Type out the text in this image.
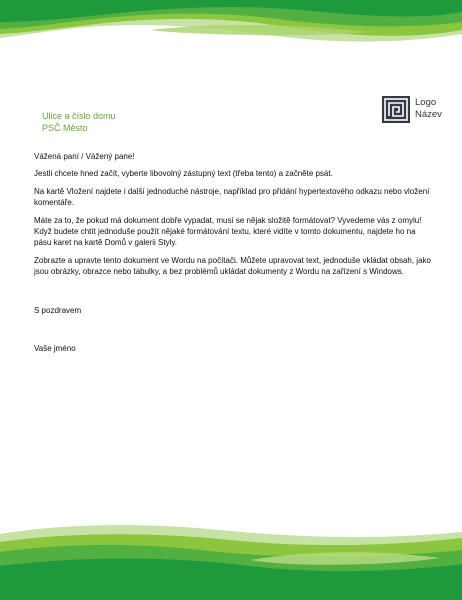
Ulice a číslo domu
PSČ Město
Logo
Název

Vážená paní / Vážený pane!

Jestli chcete hned začít, vyberte libovolný zástupný text (třeba tento) a začněte psát.

Na kartě Vložení najdete i další jednoduché nástroje, například pro přidání hypertextového odkazu nebo vložení komentáře.

Máte za to, že pokud má dokument dobře vypadat, musí se nějak složitě formátovat? Vyvedeme vás z omylu! Když budete chtít jednoduše použít nějaké formátování textu, které vidíte v tomto dokumentu, najdete ho na pásu karet na kartě Domů v galerii Styly.

Zobrazte a upravte tento dokument ve Wordu na počítači. Můžete upravovat text, jednoduše vkládat obsah, jako jsou obrázky, obrazce nebo tabulky, a bez problémů ukládat dokumenty z Wordu na zařízení s Windows.

S pozdravem
Vaše jméno
